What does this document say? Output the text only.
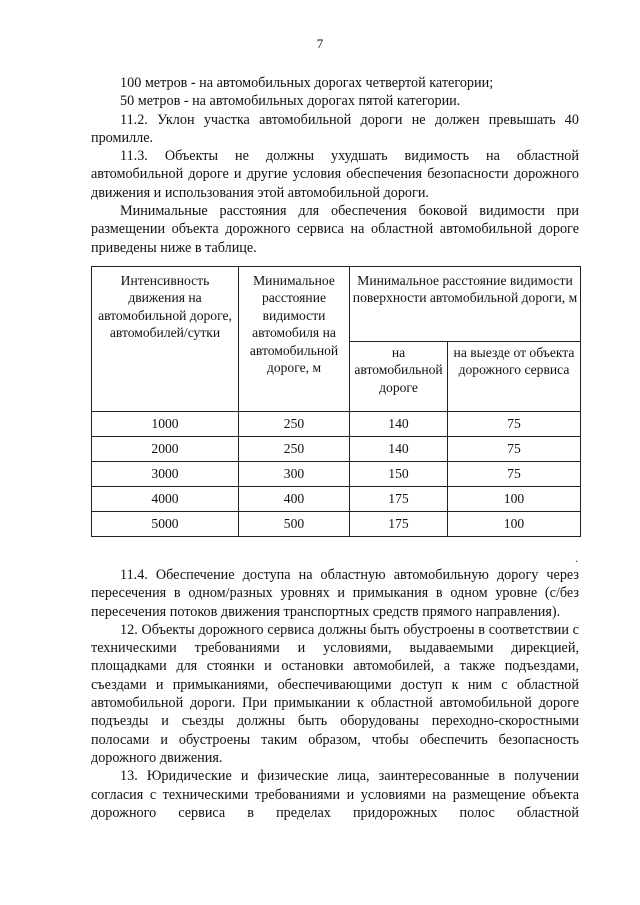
7

100 метров - на автомобильных дорогах четвертой категории;

50 метров - на автомобильных дорогах пятой категории.

11.2. Уклон участка автомобильной дороги не должен превышать 40 промилле.

11.3. Объекты не должны ухудшать видимость на областной автомобильной дороге и другие условия обеспечения безопасности дорожного движения и использования этой автомобильной дороги.

Минимальные расстояния для обеспечения боковой видимости при размещении объекта дорожного сервиса на областной автомобильной дороге приведены ниже в таблице.

Интенсивность движения на автомобильной дороге, автомобилей/сутки	Минимальное расстояние видимости автомобиля на автомобильной дороге, м	Минимальное расстояние видимости поверхности автомобильной дороги, м	
		на автомобильной дороге	на выезде от объекта дорожного сервиса
1000	250	140	75
2000	250	140	75
3000	300	150	75
4000	400	175	100
5000	500	175	100
.

11.4. Обеспечение доступа на областную автомобильную дорогу через пересечения в одном/разных уровнях и примыкания в одном уровне (с/без пересечения потоков движения транспортных средств прямого направления).

12. Объекты дорожного сервиса должны быть обустроены в соответствии с техническими требованиями и условиями, выдаваемыми дирекцией, площадками для стоянки и остановки автомобилей, а также подъездами, съездами и примыканиями, обеспечивающими доступ к ним с областной автомобильной дороги. При примыкании к областной автомобильной дороге подъезды и съезды должны быть оборудованы переходно-скоростными полосами и обустроены таким образом, чтобы обеспечить безопасность дорожного движения.

13. Юридические и физические лица, заинтересованные в получении согласия с техническими требованиями и условиями на размещение объекта дорожного сервиса в пределах придорожных полос областной
